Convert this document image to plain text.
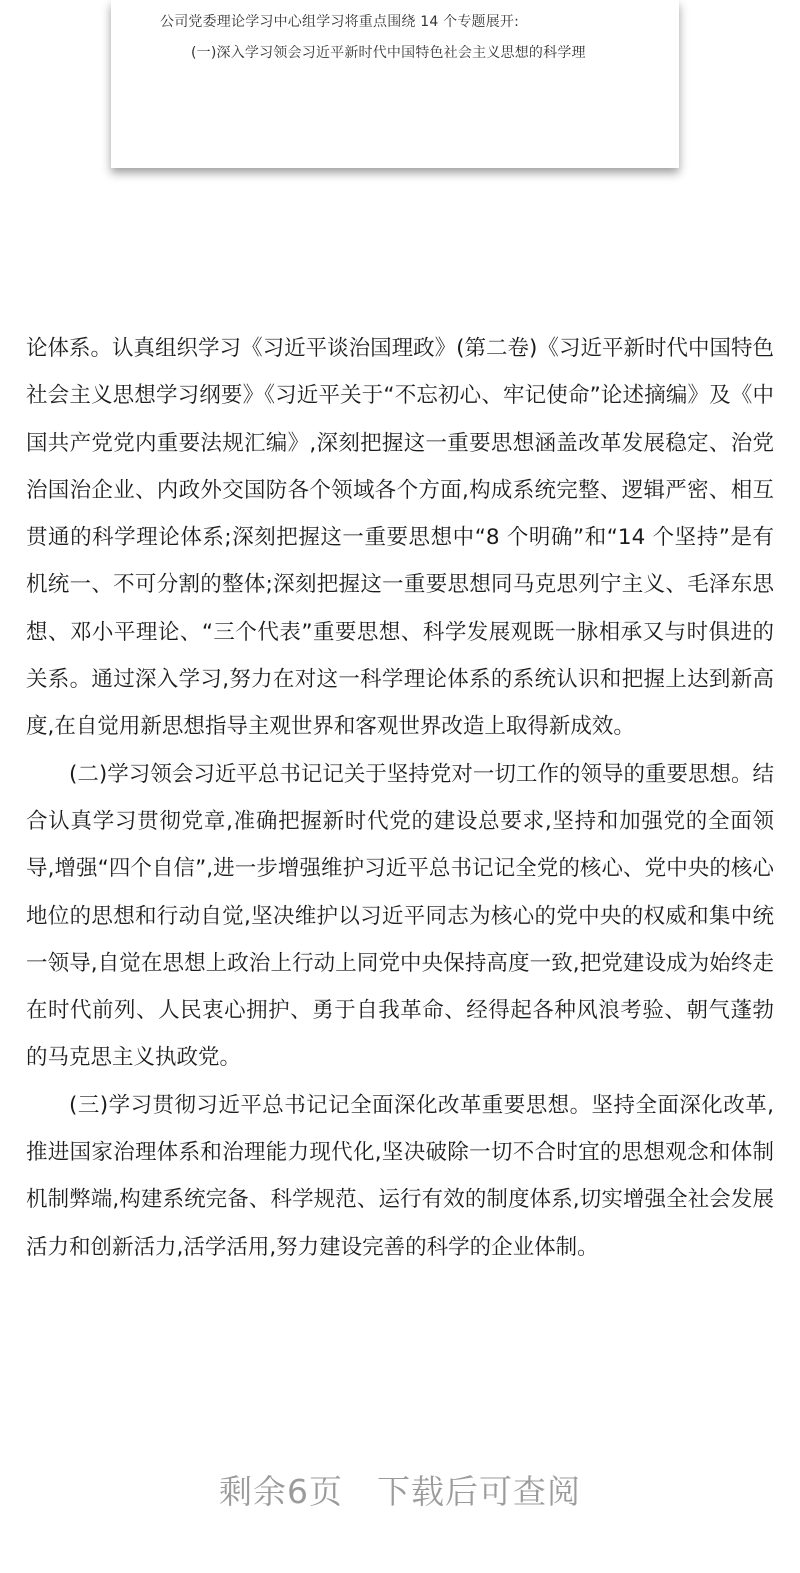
公司党委理论学习中心组学习将重点围绕 14 个专题展开:
(一)深入学习领会习近平新时代中国特色社会主义思想的科学理

论体系。认真组织学习《习近平谈治国理政》(第二卷)《习近平新时代中国特色社会主义思想学习纲要》《习近平关于“不忘初心、牢记使命”论述摘编》及《中国共产党党内重要法规汇编》,深刻把握这一重要思想涵盖改革发展稳定、治党治国治企业、内政外交国防各个领域各个方面,构成系统完整、逻辑严密、相互贯通的科学理论体系;深刻把握这一重要思想中“8 个明确”和“14 个坚持”是有机统一、不可分割的整体;深刻把握这一重要思想同马克思列宁主义、毛泽东思想、邓小平理论、“三个代表”重要思想、科学发展观既一脉相承又与时俱进的关系。通过深入学习,努力在对这一科学理论体系的系统认识和把握上达到新高度,在自觉用新思想指导主观世界和客观世界改造上取得新成效。

(二)学习领会习近平总书记记关于坚持党对一切工作的领导的重要思想。结合认真学习贯彻党章,准确把握新时代党的建设总要求,坚持和加强党的全面领导,增强“四个自信”,进一步增强维护习近平总书记记全党的核心、党中央的核心地位的思想和行动自觉,坚决维护以习近平同志为核心的党中央的权威和集中统一领导,自觉在思想上政治上行动上同党中央保持高度一致,把党建设成为始终走在时代前列、人民衷心拥护、勇于自我革命、经得起各种风浪考验、朝气蓬勃的马克思主义执政党。

(三)学习贯彻习近平总书记记全面深化改革重要思想。坚持全面深化改革,推进国家治理体系和治理能力现代化,坚决破除一切不合时宜的思想观念和体制机制弊端,构建系统完备、科学规范、运行有效的制度体系,切实增强全社会发展活力和创新活力,活学活用,努力建设完善的科学的企业体制。

剩余6页 下载后可查阅
